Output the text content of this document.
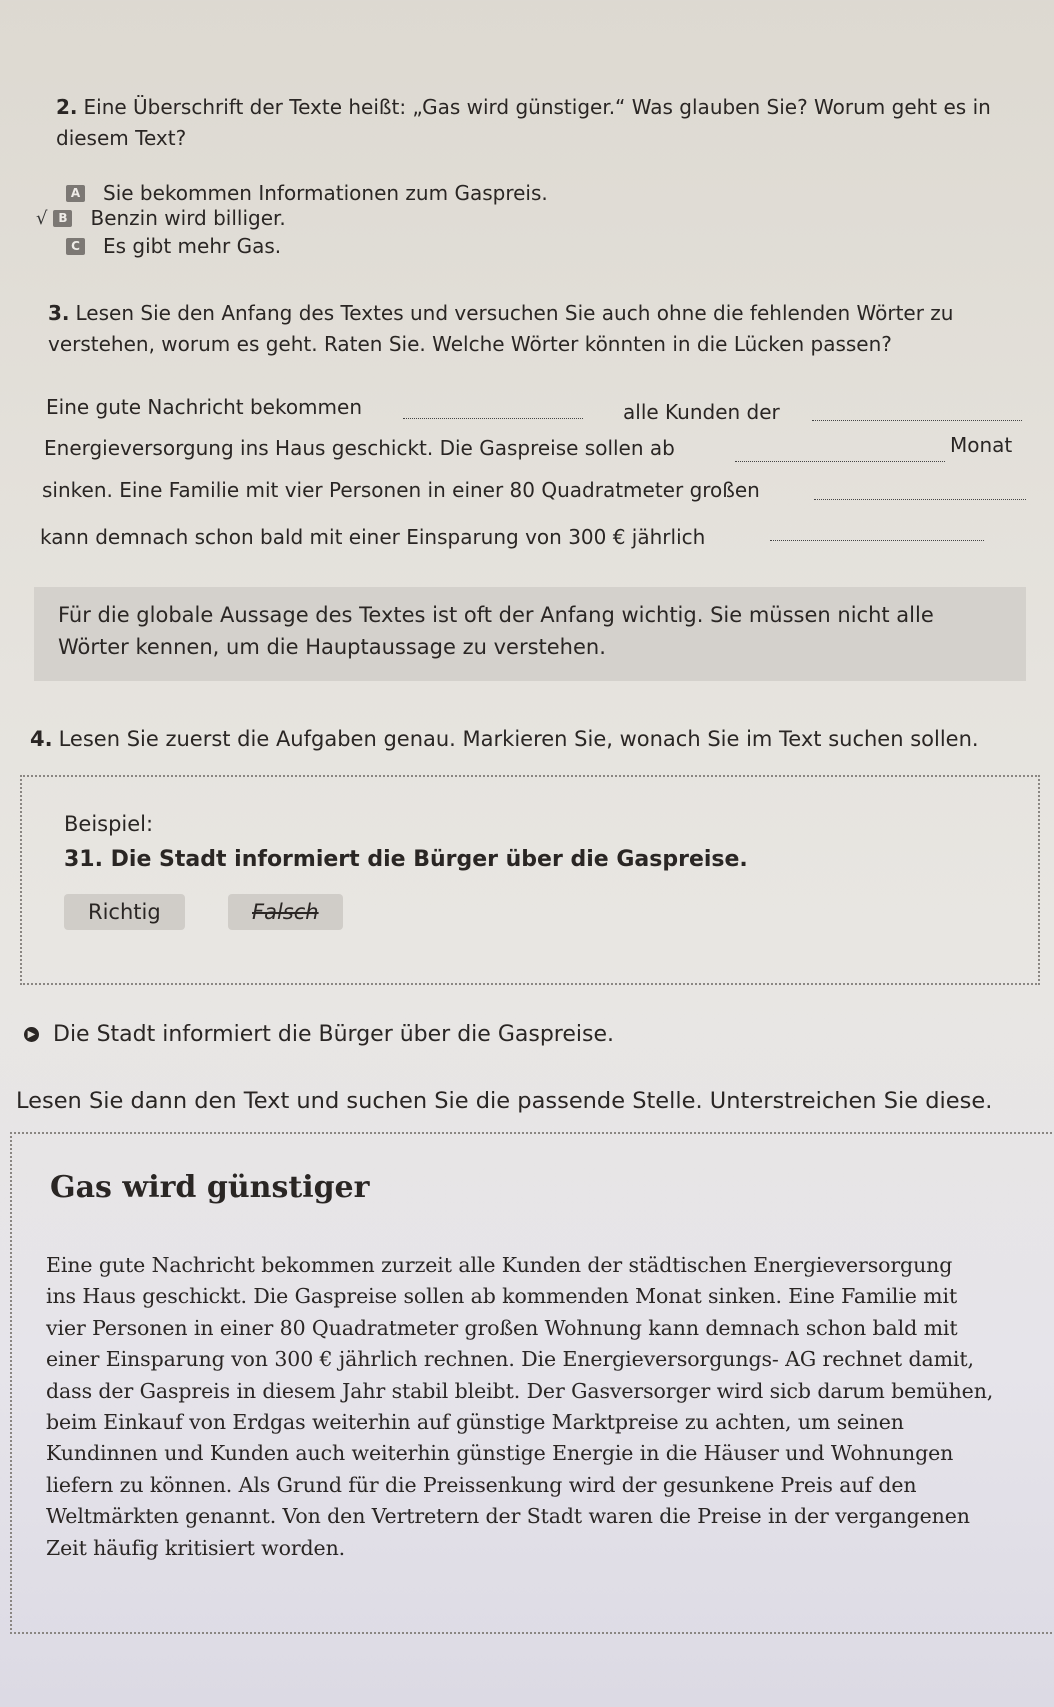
2. Eine Überschrift der Texte heißt: „Gas wird günstiger.“ Was glauben Sie? Worum geht es in diesem Text?
A Sie bekommen Informationen zum Gaspreis.
√ B Benzin wird billiger.
C Es gibt mehr Gas.
3. Lesen Sie den Anfang des Textes und versuchen Sie auch ohne die fehlenden Wörter zu verstehen, worum es geht. Raten Sie. Welche Wörter könnten in die Lücken passen?
Eine gute Nachricht bekommen	alle Kunden der
Energieversorgung ins Haus geschickt. Die Gaspreise sollen ab	Monat
sinken. Eine Familie mit vier Personen in einer 80 Quadratmeter großen
kann demnach schon bald mit einer Einsparung von 300 € jährlich
Für die globale Aussage des Textes ist oft der Anfang wichtig. Sie müssen nicht alle Wörter kennen, um die Hauptaussage zu verstehen.
4. Lesen Sie zuerst die Aufgaben genau. Markieren Sie, wonach Sie im Text suchen sollen.
Beispiel:
31. Die Stadt informiert die Bürger über die Gaspreise.
Richtig	Falsch
▶ Die Stadt informiert die Bürger über die Gaspreise.
Lesen Sie dann den Text und suchen Sie die passende Stelle. Unterstreichen Sie diese.
Gas wird günstiger
Eine gute Nachricht bekommen zurzeit alle Kunden der städtischen Energieversorgung
ins Haus geschickt. Die Gaspreise sollen ab kommenden Monat sinken. Eine Familie mit
vier Personen in einer 80 Quadratmeter großen Wohnung kann demnach schon bald mit
einer Einsparung von 300 € jährlich rechnen. Die Energieversorgungs- AG rechnet damit,
dass der Gaspreis in diesem Jahr stabil bleibt. Der Gasversorger wird sicb darum bemühen,
beim Einkauf von Erdgas weiterhin auf günstige Marktpreise zu achten, um seinen
Kundinnen und Kunden auch weiterhin günstige Energie in die Häuser und Wohnungen
liefern zu können. Als Grund für die Preissenkung wird der gesunkene Preis auf den
Weltmärkten genannt. Von den Vertretern der Stadt waren die Preise in der vergangenen
Zeit häufig kritisiert worden.
